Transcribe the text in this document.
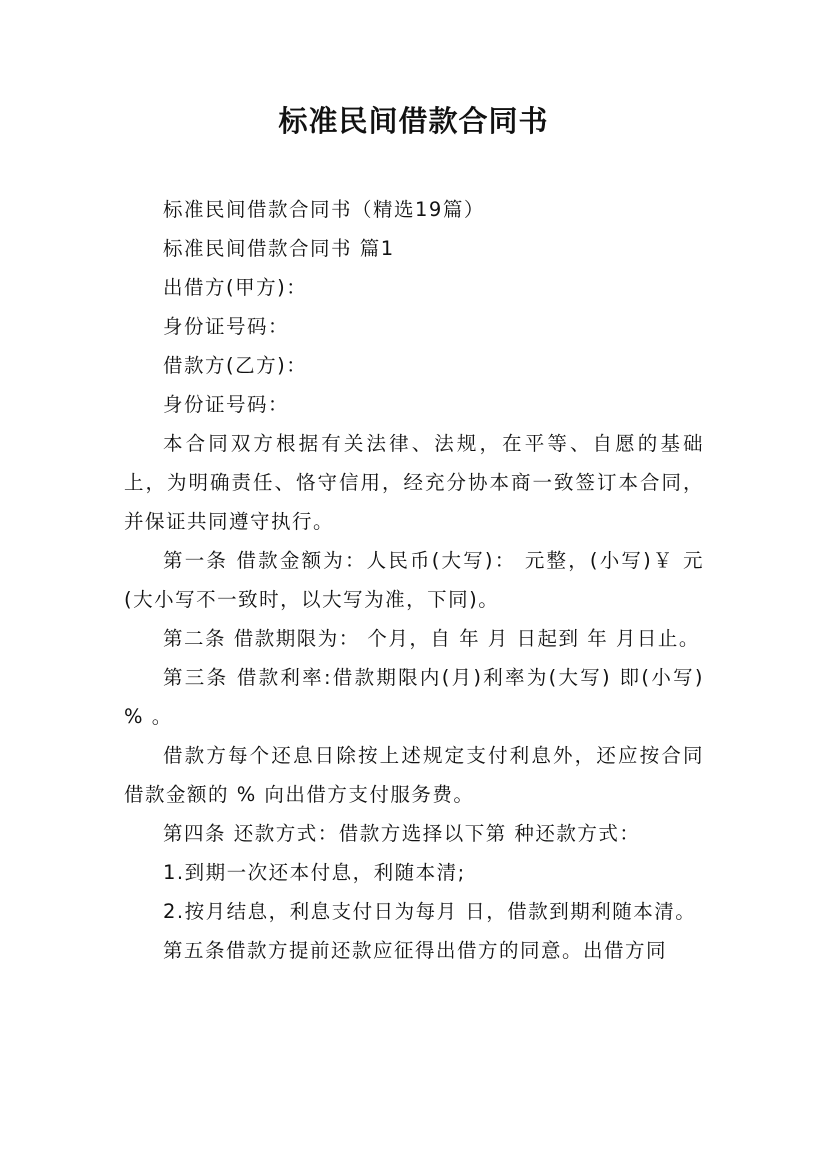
标准民间借款合同书

标准民间借款合同书（精选19篇）

标准民间借款合同书 篇1

出借方(甲方)：

身份证号码：

借款方(乙方)：

身份证号码：

本合同双方根据有关法律、法规，在平等、自愿的基础上，为明确责任、恪守信用，经充分协本商一致签订本合同，并保证共同遵守执行。

第一条 借款金额为：人民币(大写)： 元整，(小写)￥ 元(大小写不一致时，以大写为准，下同)。

第二条 借款期限为： 个月，自 年 月 日起到 年 月日止。

第三条 借款利率:借款期限内(月)利率为(大写) 即(小写) % 。

借款方每个还息日除按上述规定支付利息外，还应按合同借款金额的 % 向出借方支付服务费。

第四条 还款方式：借款方选择以下第 种还款方式：

1.到期一次还本付息，利随本清;

2.按月结息，利息支付日为每月 日，借款到期利随本清。

第五条借款方提前还款应征得出借方的同意。出借方同
